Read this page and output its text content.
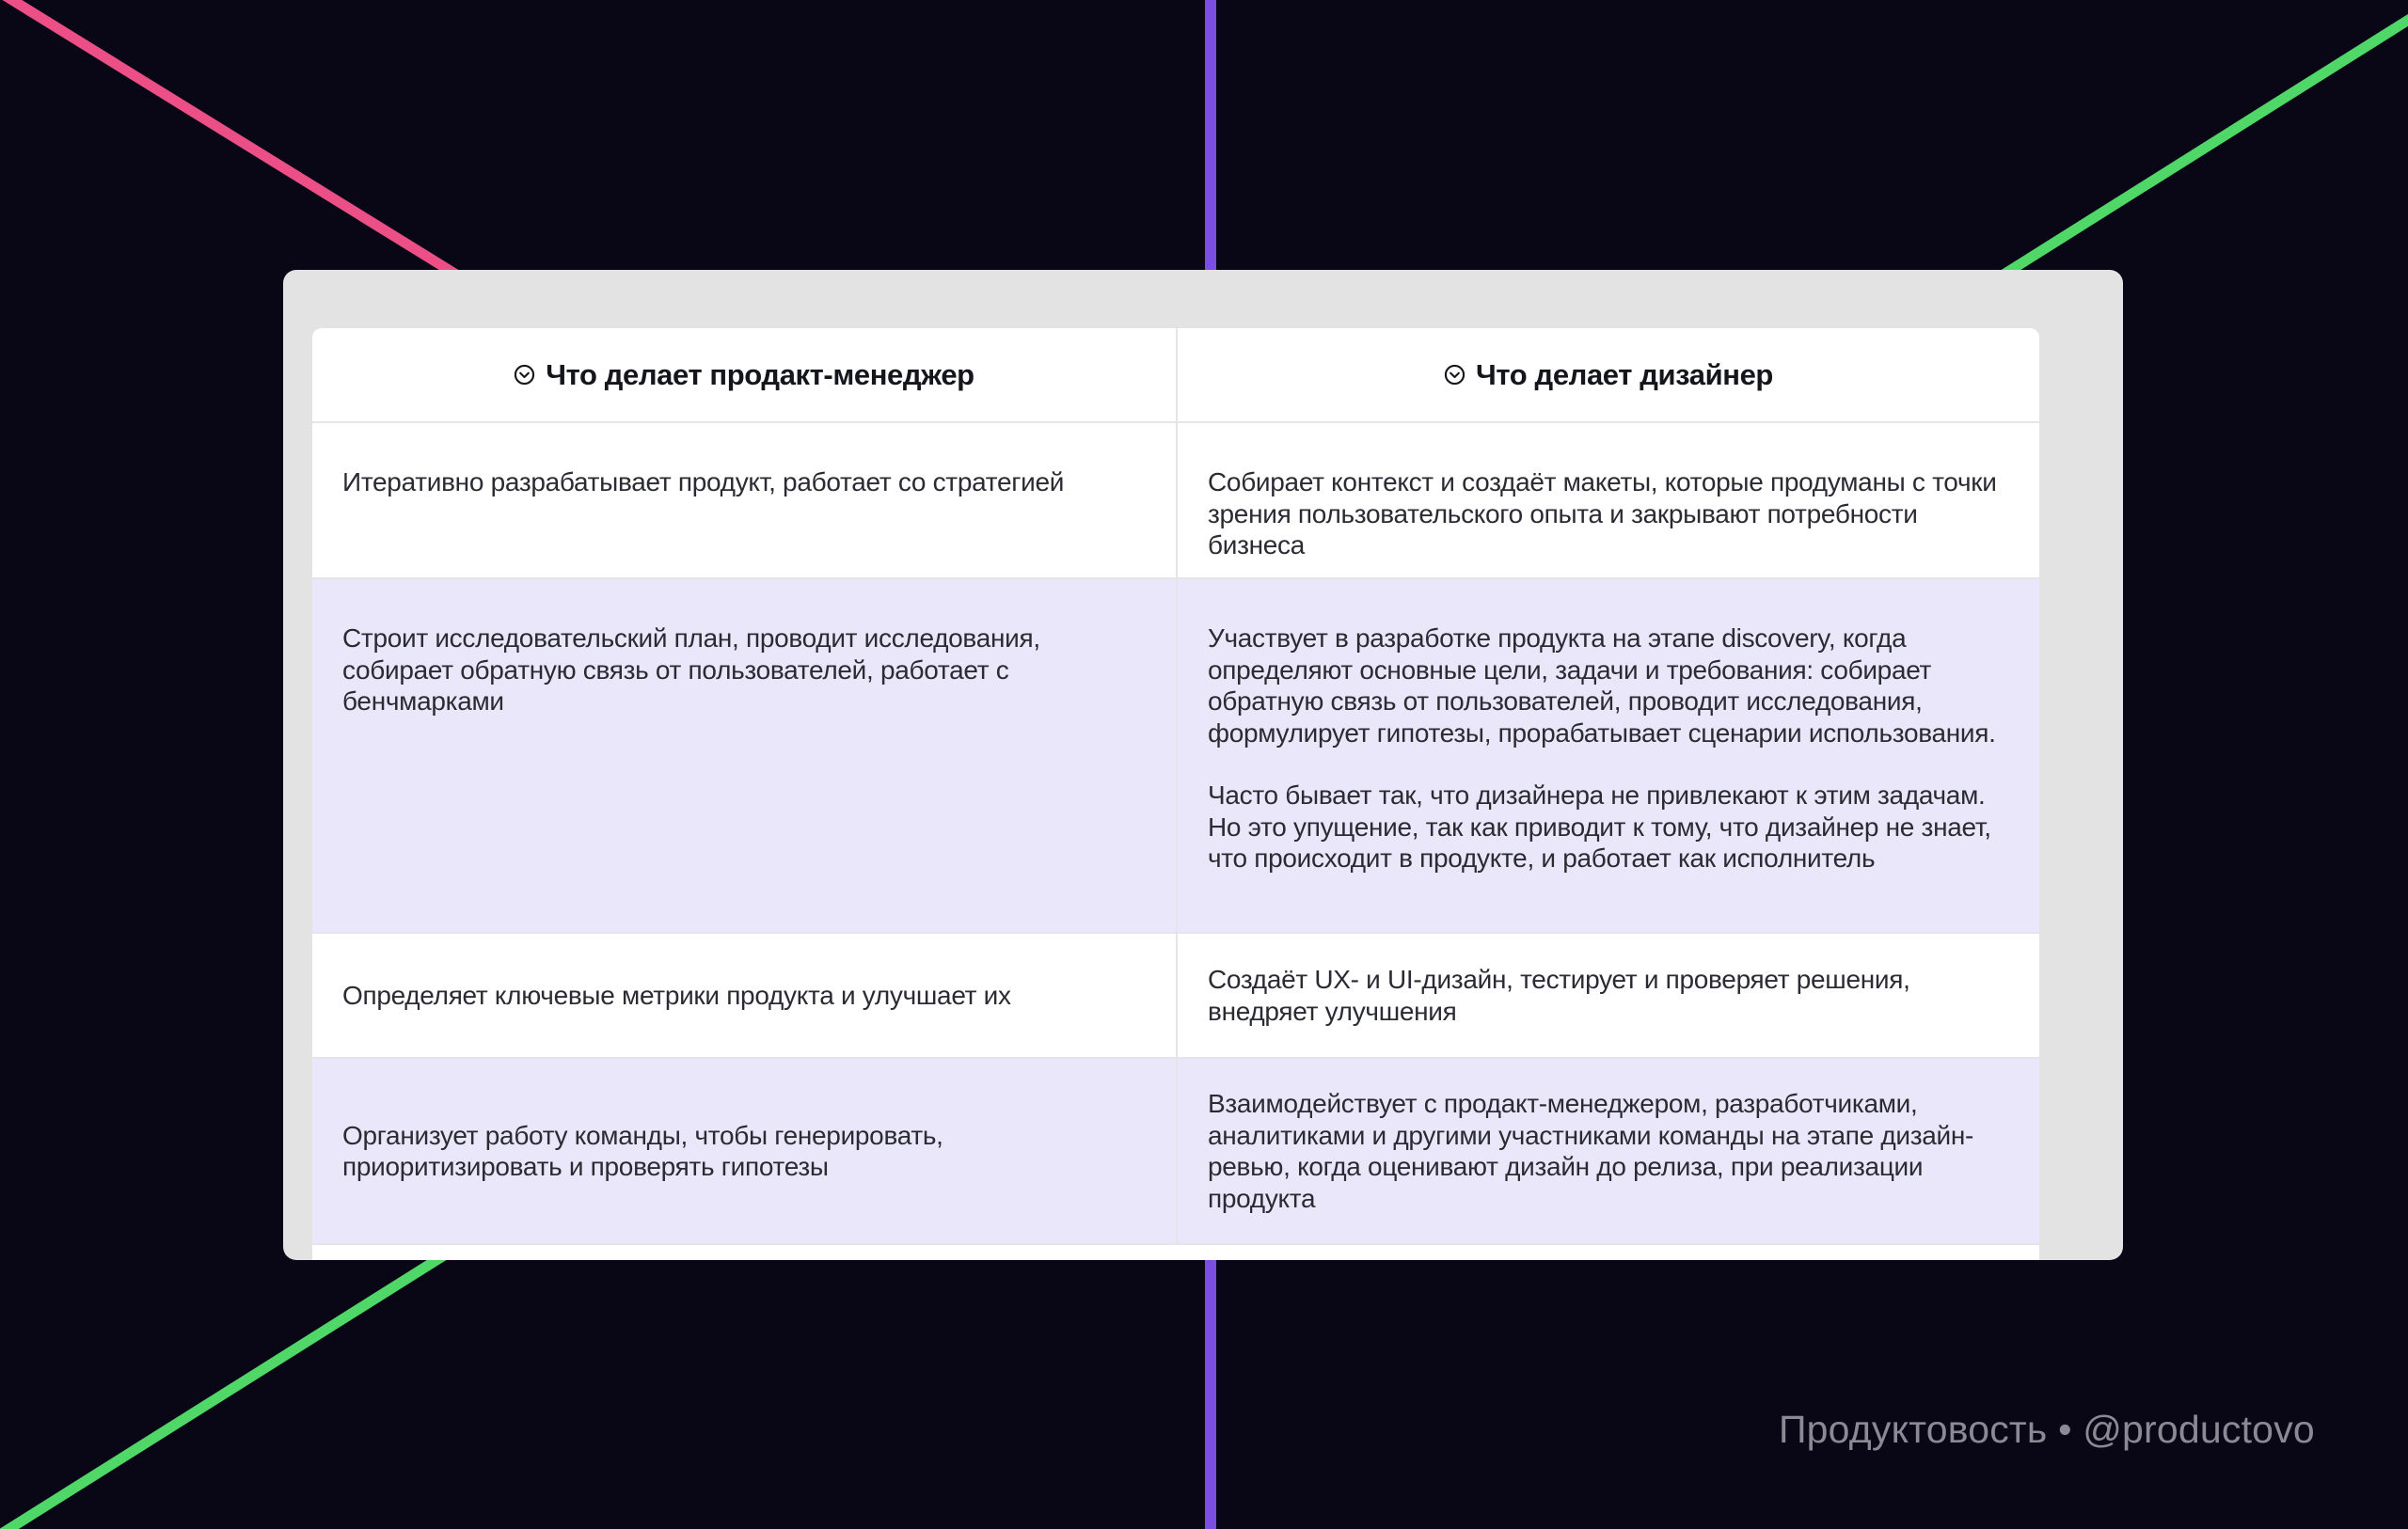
Что делает продакт-менеджер	Что делает дизайнер
Итеративно разрабатывает продукт, работает со стратегией	Собирает контекст и создаёт макеты, которые продуманы с точки зрения пользовательского опыта и закрывают потребности бизнеса
Строит исследовательский план, проводит исследования, собирает обратную связь от пользователей, работает с бенчмарками
Участвует в разработке продукта на этапе discovery, когда определяют основные цели, задачи и требования: собирает обратную связь от пользователей, проводит исследования, формулирует гипотезы, прорабатывает сценарии использования.
Часто бывает так, что дизайнера не привлекают к этим задачам. Но это упущение, так как приводит к тому, что дизайнер не знает, что происходит в продукте, и работает как исполнитель
Определяет ключевые метрики продукта и улучшает их
Создаёт UX- и UI-дизайн, тестирует и проверяет решения, внедряет улучшения
Организует работу команды, чтобы генерировать, приоритизировать и проверять гипотезы
Взаимодействует с продакт-менеджером, разработчиками, аналитиками и другими участниками команды на этапе дизайн-ревью, когда оценивают дизайн до релиза, при реализации продукта
Продуктовость • @productovo
